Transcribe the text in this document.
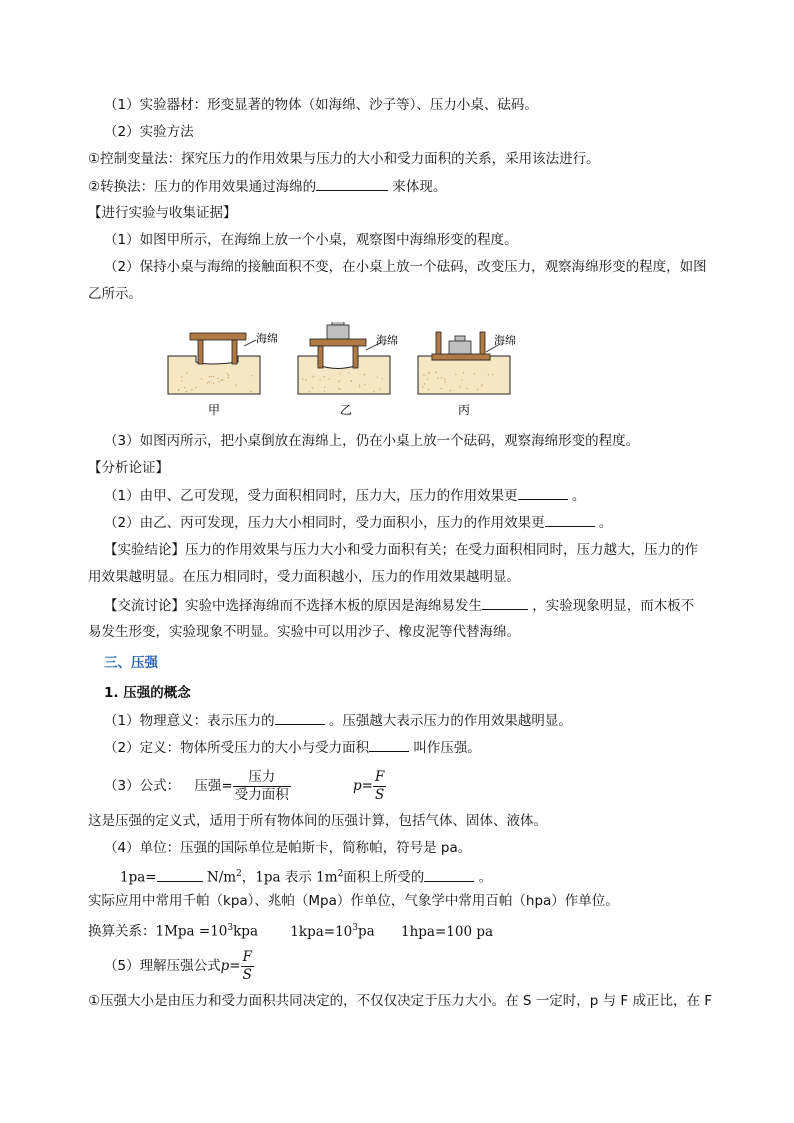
（1）实验器材：形变显著的物体（如海绵、沙子等）、压力小桌、砝码。
（2）实验方法
①控制变量法：探究压力的作用效果与压力的大小和受力面积的关系，采用该法进行。
②转换法：压力的作用效果通过海绵的	来体现。
【进行实验与收集证据】
（1）如图甲所示，在海绵上放一个小桌，观察图中海绵形变的程度。
（2）保持小桌与海绵的接触面积不变，在小桌上放一个砝码，改变压力，观察海绵形变的程度，如图
乙所示。
海绵	海绵	海绵
甲	乙	丙
（3）如图丙所示，把小桌倒放在海绵上，仍在小桌上放一个砝码，观察海绵形变的程度。
【分析论证】
（1）由甲、乙可发现，受力面积相同时，压力大，压力的作用效果更	。
（2）由乙、丙可发现，压力大小相同时，受力面积小，压力的作用效果更	。
【实验结论】压力的作用效果与压力大小和受力面积有关；在受力面积相同时，压力越大，压力的作
用效果越明显。在压力相同时，受力面积越小，压力的作用效果越明显。
【交流讨论】实验中选择海绵而不选择木板的原因是海绵易发生	，实验现象明显，而木板不
易发生形变，实验现象不明显。实验中可以用沙子、橡皮泥等代替海绵。
三、压强
1. 压强的概念
（1）物理意义：表示压力的	。压强越大表示压力的作用效果越明显。
（2）定义：物体所受压力的大小与受力面积	叫作压强。
（3）公式： 压强= $\frac{\text{压力}}{\text{受力面积}}$	$p= \frac{F}{S}$
这是压强的定义式，适用于所有物体间的压强计算，包括气体、固体、液体。
（4）单位：压强的国际单位是帕斯卡，简称帕，符号是 pa。
1pa=	$N/m^2$，1pa 表示 $1m^2$面积上所受的	。
实际应用中常用千帕（kpa）、兆帕（Mpa）作单位，气象学中常用百帕（hpa）作单位。
换算关系：$1Mpa =10^3kpa$ $1kpa=10^3pa$ 1hpa=100 pa
（5）理解压强公式$p= \frac{F}{S}$
①压强大小是由压力和受力面积共同决定的，不仅仅决定于压力大小。在 S 一定时，p 与 F 成正比，在 F
